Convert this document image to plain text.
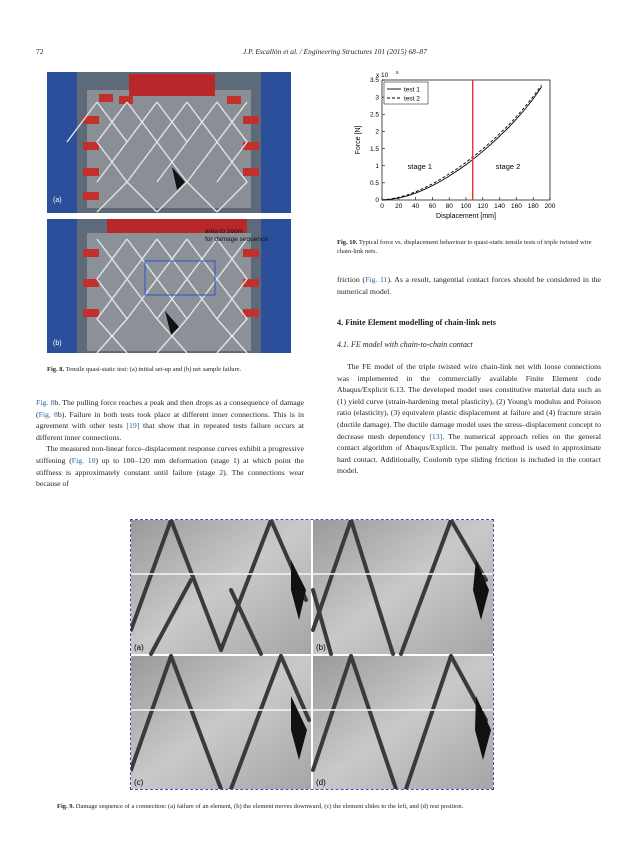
72	J.P. Escallón et al. / Engineering Structures 101 (2015) 68–87
(a)
area to zoom
for damage sequence
(b)
Fig. 8. Tensile quasi-static test: (a) initial set-up and (b) net sample failure.
0 20 40 60 80 100 120 140 160 180 200
0
0.5
1
1.5
2
2.5
3
3.5
x 10 5
Displacement [mm]
Force [N]
stage 1	stage 2
test 1
test 2
Fig. 10. Typical force vs. displacement behaviour to quasi-static tensile tests of triple twisted wire chain-link nets.

Fig. 8b. The pulling force reaches a peak and then drops as a consequence of damage (Fig. 8b). Failure in both tests took place at different inner connections. This is in agreement with other tests [19] that show that in repeated tests failure occurs at different inner connections.

The measured non-linear force–displacement response curves exhibit a progressive stiffening (Fig. 10) up to 100–120 mm deformation (stage 1) at which point the stiffness is approximately constant until failure (stage 2). The connections wear because of

friction (Fig. 11). As a result, tangential contact forces should be considered in the numerical model.

4. Finite Element modelling of chain-link nets
4.1. FE model with chain-to-chain contact

The FE model of the triple twisted wire chain-link net with loose connections was implemented in the commercially available Finite Element code Abaqus/Explicit 6.13. The developed model uses constitutive material data such as (1) yield curve (strain-hardening metal plasticity), (2) Young's modulus and Poisson ratio (elasticity), (3) equivalent plastic displacement at failure and (4) fracture strain (ductile damage). The ductile damage model uses the stress–displacement concept to decrease mesh dependency [13]. The numerical approach relies on the general contact algorithm of Abaqus/Explicit. The penalty method is used to approximate hard contact. Additionally, Coulomb type sliding friction is included in the contact model.

(a)	(b)
(c)	(d)
Fig. 9. Damage sequence of a connection: (a) failure of an element, (b) the element moves downward, (c) the element slides to the left, and (d) rest position.
